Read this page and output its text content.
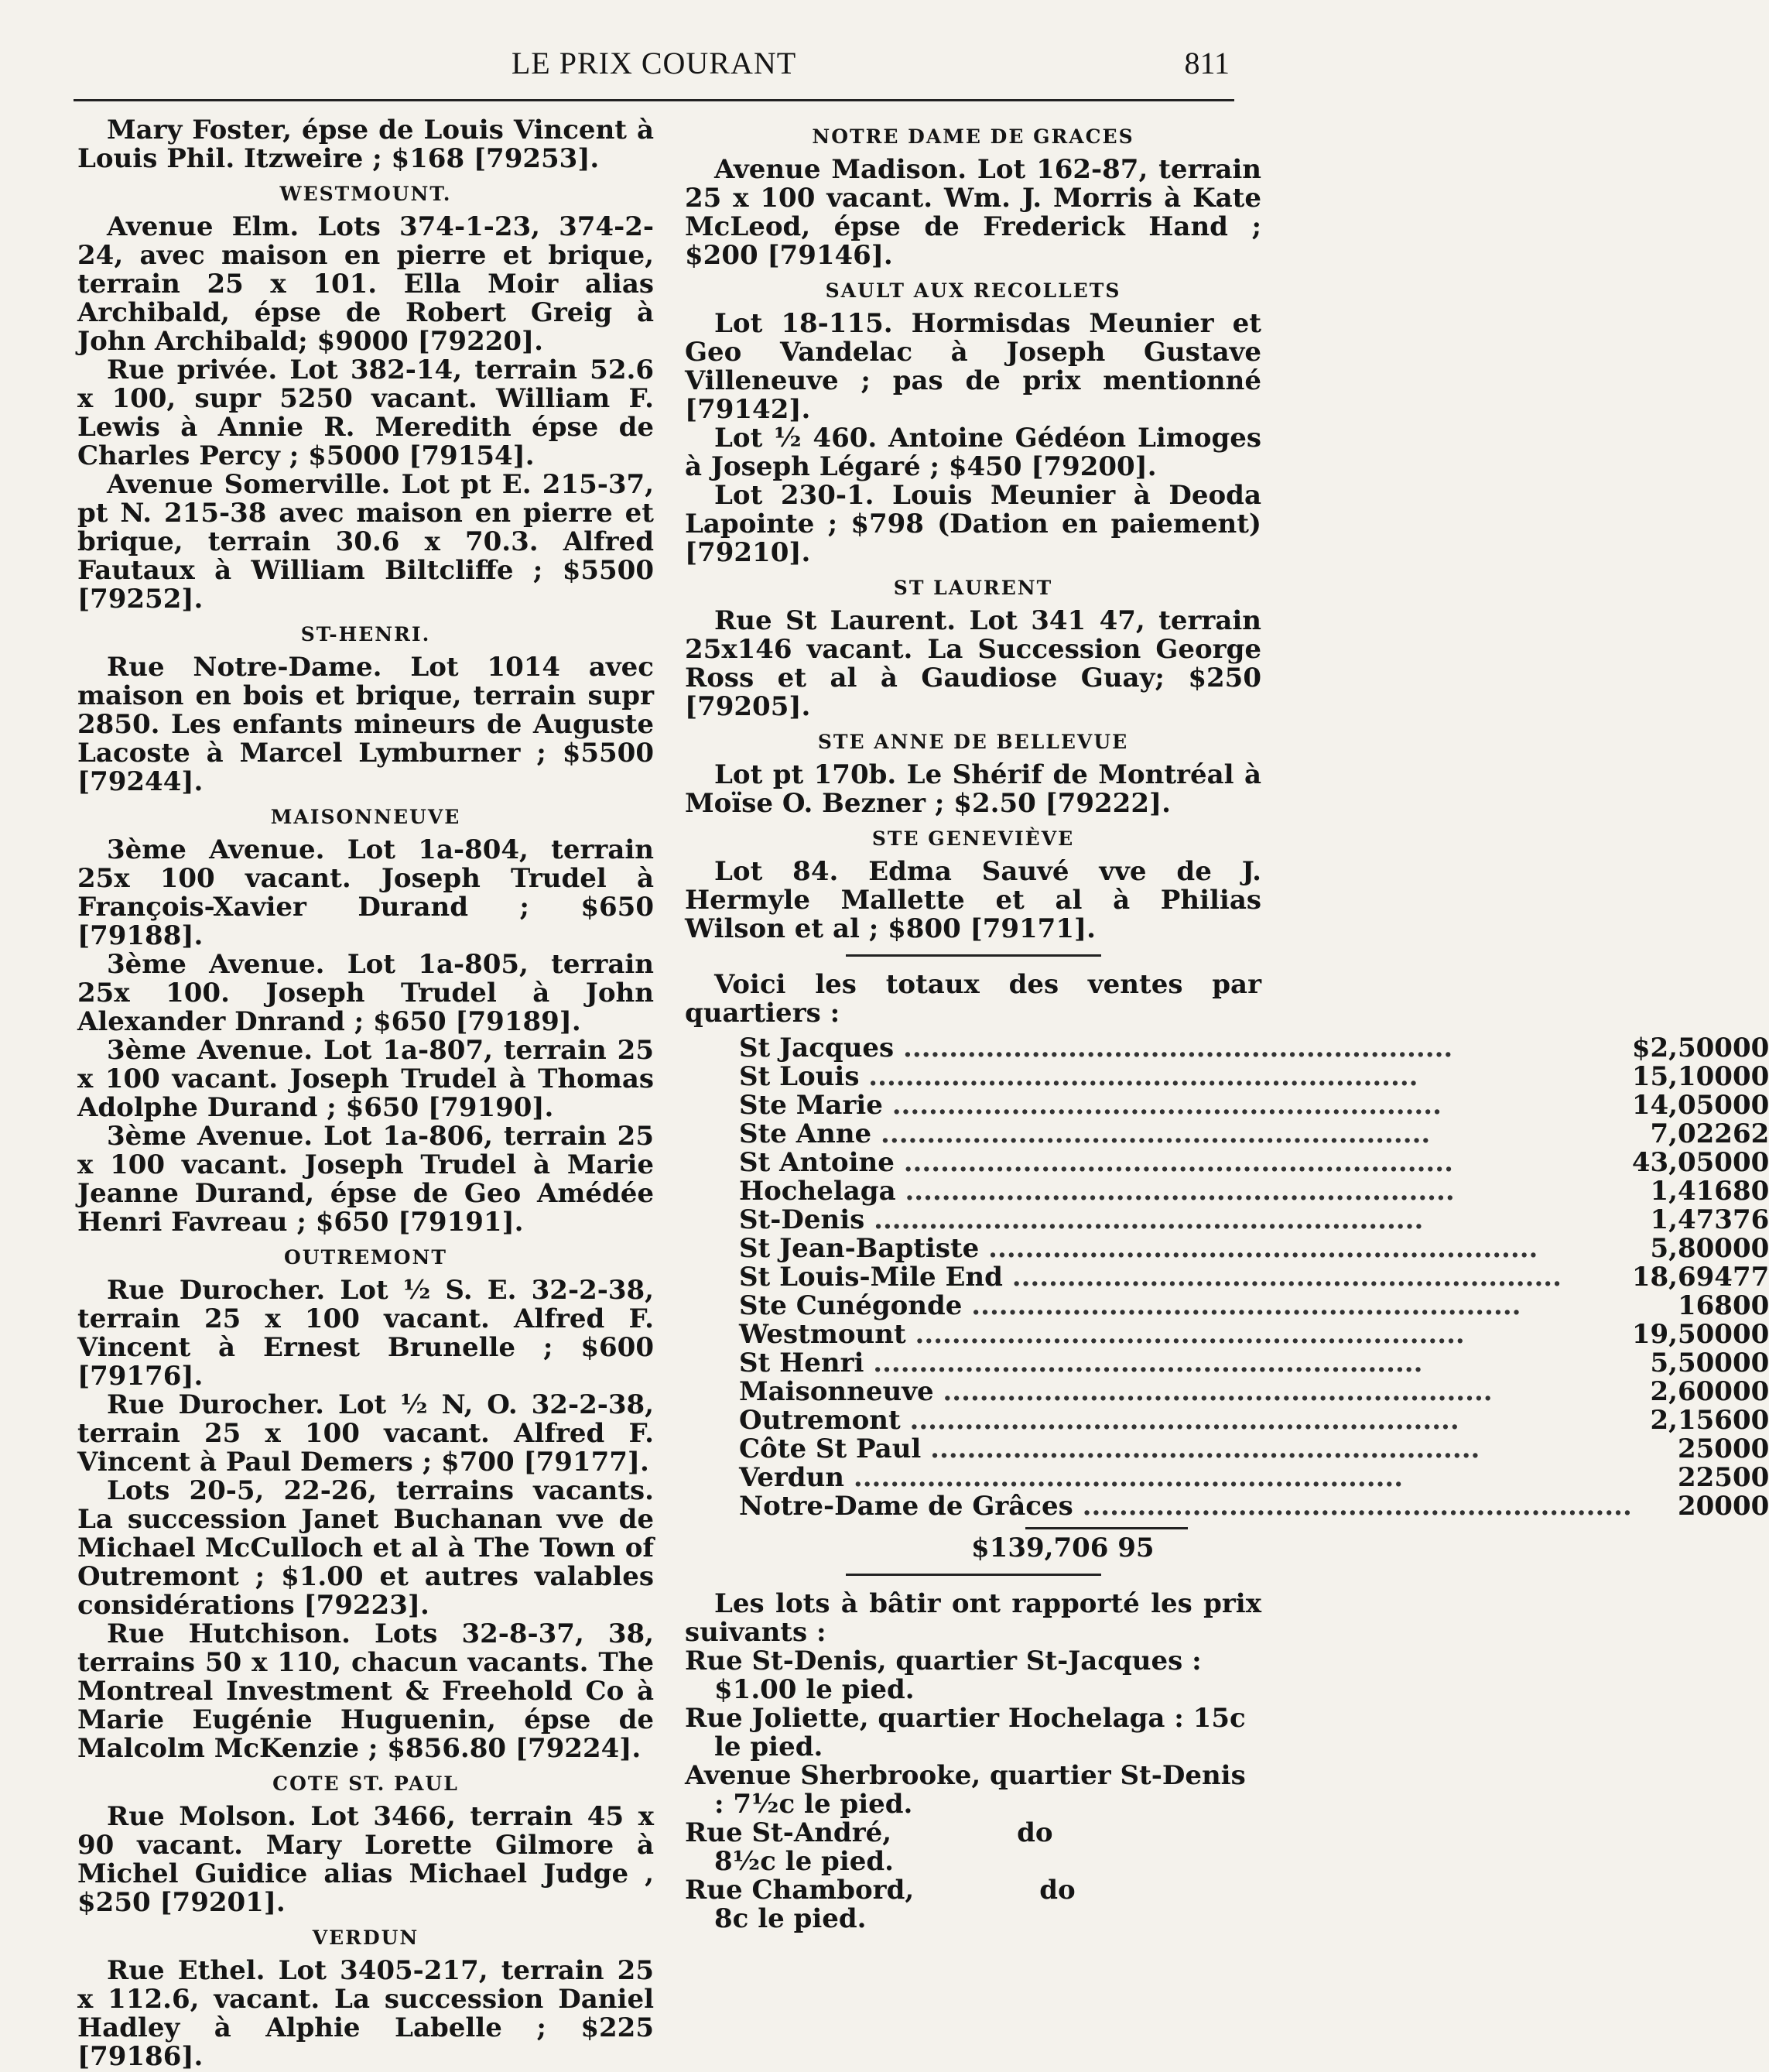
LE PRIX COURANT	811

Mary Foster, épse de Louis Vincent à Louis Phil. Itzweire ; $168 [79253].

WESTMOUNT.

Avenue Elm. Lots 374-1-23, 374-2-24, avec maison en pierre et brique, terrain 25 x 101. Ella Moir alias Archibald, épse de Robert Greig à John Archibald; $9000 [79220].

Rue privée. Lot 382-14, terrain 52.6 x 100, supr 5250 vacant. William F. Lewis à Annie R. Meredith épse de Charles Percy ; $5000 [79154].

Avenue Somerville. Lot pt E. 215-37, pt N. 215-38 avec maison en pierre et brique, terrain 30.6 x 70.3. Alfred Fautaux à William Biltcliffe ; $5500 [79252].

ST-HENRI.

Rue Notre-Dame. Lot 1014 avec maison en bois et brique, terrain supr 2850. Les enfants mineurs de Auguste Lacoste à Marcel Lymburner ; $5500 [79244].

MAISONNEUVE

3ème Avenue. Lot 1a-804, terrain 25x 100 vacant. Joseph Trudel à François-Xavier Durand ; $650 [79188].

3ème Avenue. Lot 1a-805, terrain 25x 100. Joseph Trudel à John Alexander Dnrand ; $650 [79189].

3ème Avenue. Lot 1a-807, terrain 25 x 100 vacant. Joseph Trudel à Thomas Adolphe Durand ; $650 [79190].

3ème Avenue. Lot 1a-806, terrain 25 x 100 vacant. Joseph Trudel à Marie Jeanne Durand, épse de Geo Amédée Henri Favreau ; $650 [79191].

OUTREMONT

Rue Durocher. Lot ½ S. E. 32-2-38, terrain 25 x 100 vacant. Alfred F. Vincent à Ernest Brunelle ; $600 [79176].

Rue Durocher. Lot ½ N, O. 32-2-38, terrain 25 x 100 vacant. Alfred F. Vincent à Paul Demers ; $700 [79177].

Lots 20-5, 22-26, terrains vacants. La succession Janet Buchanan vve de Michael McCulloch et al à The Town of Outremont ; $1.00 et autres valables considérations [79223].

Rue Hutchison. Lots 32-8-37, 38, terrains 50 x 110, chacun vacants. The Montreal Investment & Freehold Co à Marie Eugénie Huguenin, épse de Malcolm McKenzie ; $856.80 [79224].

COTE ST. PAUL

Rue Molson. Lot 3466, terrain 45 x 90 vacant. Mary Lorette Gilmore à Michel Guidice alias Michael Judge , $250 [79201].

VERDUN

Rue Ethel. Lot 3405-217, terrain 25 x 112.6, vacant. La succession Daniel Hadley à Alphie Labelle ; $225 [79186].

NOTRE DAME DE GRACES

Avenue Madison. Lot 162-87, terrain 25 x 100 vacant. Wm. J. Morris à Kate McLeod, épse de Frederick Hand ; $200 [79146].

SAULT AUX RECOLLETS

Lot 18-115. Hormisdas Meunier et Geo Vandelac à Joseph Gustave Villeneuve ; pas de prix mentionné [79142].

Lot ½ 460. Antoine Gédéon Limoges à Joseph Légaré ; $450 [79200].

Lot 230-1. Louis Meunier à Deoda Lapointe ; $798 (Dation en paiement) [79210].

ST LAURENT

Rue St Laurent. Lot 341 47, terrain 25x146 vacant. La Succession George Ross et al à Gaudiose Guay; $250 [79205].

STE ANNE DE BELLEVUE

Lot pt 170b. Le Shérif de Montréal à Moïse O. Bezner ; $2.50 [79222].

STE GENEVIÈVE

Lot 84. Edma Sauvé vve de J. Hermyle Mallette et al à Philias Wilson et al ; $800 [79171].

Voici les totaux des ventes par quartiers :

St Jacques ............................................................	$2,500	00
St Louis ............................................................	15,100	00
Ste Marie ............................................................	14,050	00
Ste Anne ............................................................	7,022	62
St Antoine ............................................................	43,050	00
Hochelaga ............................................................	1,416	80
St-Denis ............................................................	1,473	76
St Jean-Baptiste ............................................................	5,800	00
St Louis-Mile End ............................................................	18,694	77
Ste Cunégonde ............................................................	168	00
Westmount ............................................................	19,500	00
St Henri ............................................................	5,500	00
Maisonneuve ............................................................	2,600	00
Outremont ............................................................	2,156	00
Côte St Paul ............................................................	250	00
Verdun ............................................................	225	00
Notre-Dame de Grâces ............................................................	200	00
$139,706 95

Les lots à bâtir ont rapporté les prix suivants :

Rue St-Denis, quartier St-Jacques : $1.00 le pied.

Rue Joliette, quartier Hochelaga : 15c le pied.

Avenue Sherbrooke, quartier St-Denis : 7½c le pied.

Rue St-André,	do
8½c le pied.

Rue Chambord,	do
8c le pied.
